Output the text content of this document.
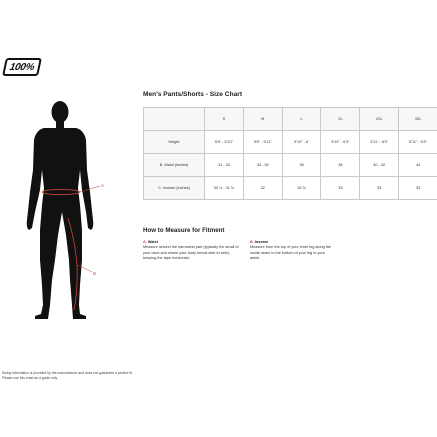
100%
A
B
Men's Pants/Shorts - Size Chart
	S	M	L	XL	2XL	3XL
Height	5'6" - 5'10"	5'8" - 5'11"	5'10" - 6'	5'10" - 6'3"	5'11" - 6'3"	5'11" - 6'3"
B. Waist (inches)	31 - 33	34 - 35	36	38	40 - 42	44
C. Inseam (inches)	30 ¾ - 31 ¾	32	32 ¾	33	33	33
How to Measure for Fitment
A. Waist
Measure around the narrowest part (typically the small of your back and where your body bends side to side), keeping the tape horizontal.
B. Inseam
Measure from the top of your inner leg along the inside seam to the bottom of your leg to your ankle.
Sizing information is provided by the manufacturer and does not guarantee a perfect fit.
Please use this chart as a guide only.
